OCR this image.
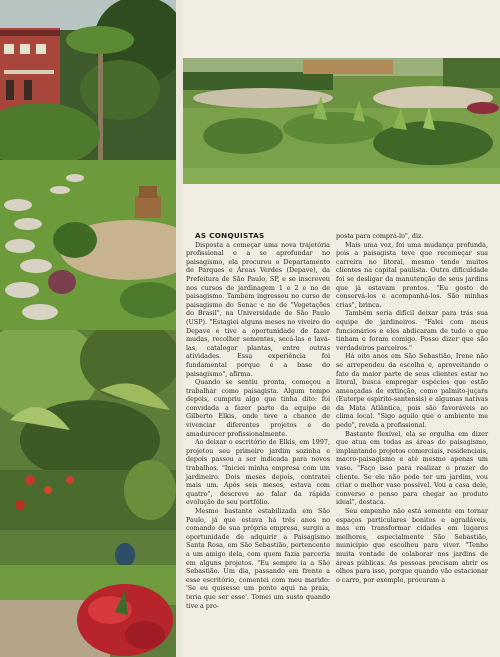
AS CONQUISTAS

Disposta a começar uma nova trajetória profissional e a se aprofundar no paisagismo, ela procurou o Departamento de Parques e Áreas Verdes (Depave), da Prefeitura de São Paulo, SP, e se inscreveu nos cursos de jardinagem 1 e 2 e no de paisagismo. Também ingressou no curso de paisagismo do Senac e no de "Vegetações do Brasil", na Universidade de São Paulo (USP). "Estagiei alguns meses no viveiro do Depave e tive a oportunidade de fazer mudas, recolher sementes, secá-las e lavá-las, catalogar plantas, entre outras atividades. Essa experiência foi fundamental porque é a base do paisagismo", afirma.

Quando se sentiu pronta, começou a trabalhar como paisagista. Algum tempo depois, cumpriu algo que tinha dito: foi convidada a fazer parte da equipe de Gilberto Elkis, onde teve a chance de vivenciar diferentes projetos e de amadurecer profissionalmente.

Ao deixar o escritório de Elkis, em 1997, projetou seu primeiro jardim sozinha e depois passou a ser indicada para novos trabalhos. "Iniciei minha empresa com um jardineiro. Dois meses depois, contratei mais um. Após seis meses, estava com quatro", descreve ao falar da rápida evolução de seu portfólio.

Mesmo bastante estabilizada em São Paulo, já que estava há três anos no comando de sua própria empresa, surgiu a oportunidade de adquirir a Paisagismo Santa Rosa, em São Sebastião, pertencente a um amigo dela, com quem fazia parceria em alguns projetos. "Eu sempre ia a São Sebastião. Um dia, passando em frente a esse escritório, comentei com meu marido: 'Se eu quisesse um ponto aqui na praia, teria que ser esse'. Tomei um susto quando tive a pro-

posta para comprá-lo", diz.

Mais uma vez, foi uma mudança profunda, pois a paisagista teve que recomeçar sua carreira no litoral, mesmo tendo muitos clientes na capital paulista. Outra dificuldade foi se desligar da manutenção de seus jardins que já estavam prontos. "Eu gosto de conservá-los e acompanhá-los. São minhas crias", brinca.

Também seria difícil deixar para trás sua equipe de jardineiros. "Falei com meus funcionários e eles abdicaram de tudo o que tinham e foram comigo. Posso dizer que são verdadeiros parceiros."

Há oito anos em São Sebastião, Irene não se arrependeu da escolha e, aproveitando o fato da maior parte de seus clientes estar no litoral, busca empregar espécies que estão ameaçadas de extinção, como palmito-juçara (Euterpe espirito-santensis) e algumas nativas da Mata Atlântica, pois são favoráveis ao clima local. "Sigo aquilo que o ambiente me pede", revela a profissional.

Bastante flexível, ela se orgulha em dizer que atua em todas as áreas do paisagismo, implantando projetos comerciais, residenciais, macro-paisagismo e até mesmo apenas um vaso. "Faço isso para realizar o prazer do cliente. Se ele não pode ter um jardim, vou criar o melhor vaso possível. Vou a casa dele, converso e penso para chegar ao produto ideal", destaca.

Seu empenho não está somente em tornar espaços particulares bonitos e agradáveis, mas em transformar cidades em lugares melhores, especialmente São Sebastião, município que escolheu para viver. "Tenho muita vontade de colaborar nos jardins de áreas públicas. As pessoas precisam abrir os olhos para isso, porque quando vão estacionar o carro, por exemplo, procuram a
